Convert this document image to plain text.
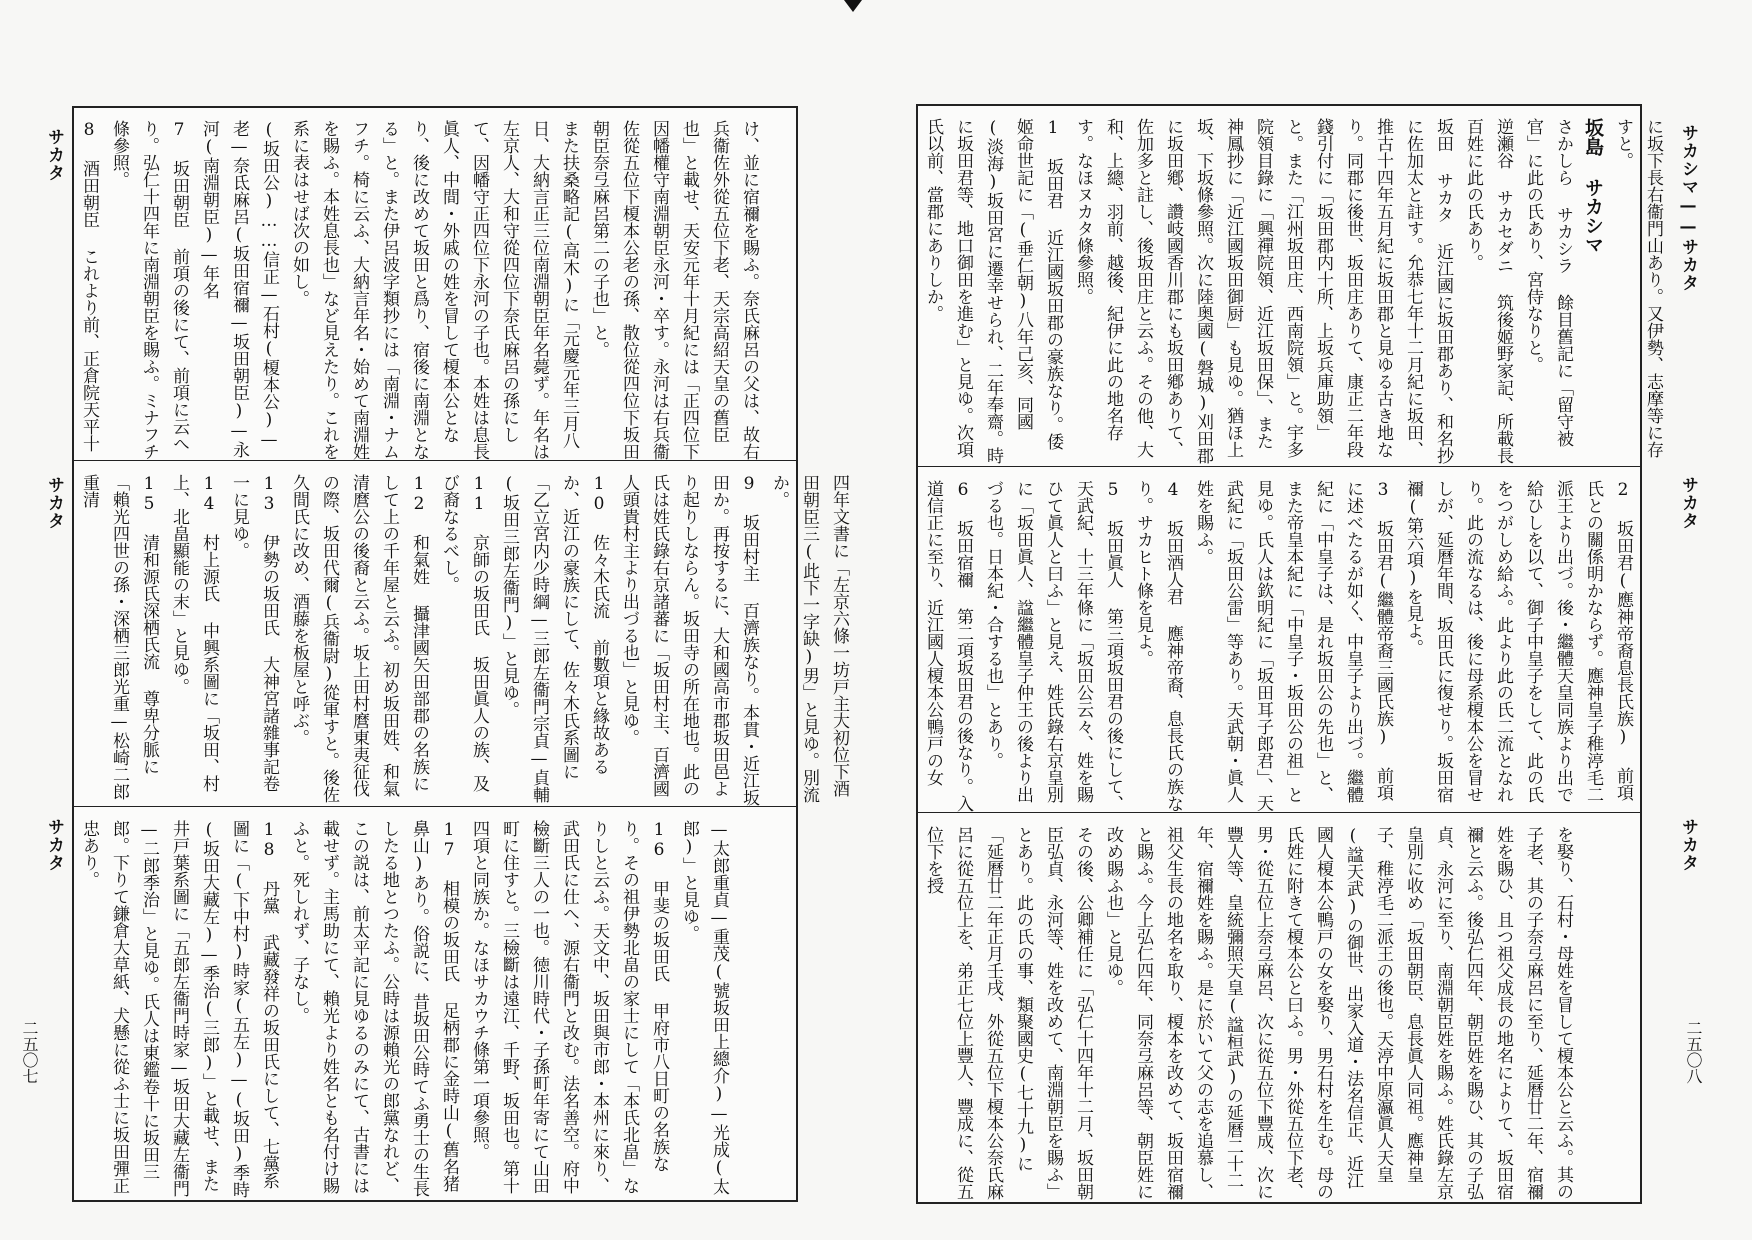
サカタ
サカタ
サカタ
け、並に宿禰を賜ふ。奈氏麻呂の父は、故右兵衞佐外從五位下老、天宗高紹天皇の舊臣也」と載せ、天安元年十月紀には「正四位下因幡權守南淵朝臣永河・卒す。永河は右兵衞佐從五位下榎本公老の孫、散位從四位下坂田朝臣奈弖麻呂第二の子也」と。
また扶桑略記(高木)に「元慶元年三月八日、大納言正三位南淵朝臣年名薨ず。年名は左京人、大和守從四位下奈氏麻呂の孫にして、因幡守正四位下永河の子也。本姓は息長眞人、中間・外戚の姓を冒して榎本公となり、後に改めて坂田と爲り、宿後に南淵となる」と。また伊呂波字類抄には「南淵・ナムフチ。椅に云ふ、大納言年名・始めて南淵姓を賜ふ。本姓息長也」など見えたり。これを系に表はせば次の如し。
(坂田公)……信正—石村(榎本公)—老—奈氐麻呂(坂田宿禰—坂田朝臣)—永河(南淵朝臣)—年名
7 坂田朝臣 前項の後にて、前項に云へり。弘仁十四年に南淵朝臣を賜ふ。ミナフチ條參照。
8 酒田朝臣 これより前、正倉院天平十
四年文書に「左京六條一坊戸主大初位下酒田朝臣三(此下一字缺)男」と見ゆ。別流か。
9 坂田村主 百濟族なり。本貫・近江坂田か。再按するに、大和國高市郡坂田邑より起りしならん。坂田寺の所在地也。此の氏は姓氏錄右京諸蕃に「坂田村主、百濟國人頭貴村主より出づる也」と見ゆ。
10 佐々木氏流 前數項と緣故あるか、近江の豪族にして、佐々木氏系圖に「乙立宮内少時綱—三郎左衞門宗貞—貞輔(坂田三郎左衞門)」と見ゆ。
11 京師の坂田氏 坂田眞人の族、及び裔なるべし。
12 和氣姓 攝津國矢田部郡の名族にして上の千年屋と云ふ。初め坂田姓、和氣清麿公の後裔と云ふ。坂上田村麿東夷征伐の際、坂田代爾(兵衞尉)從軍すと。後佐久間氏に改め、酒藤を板屋と呼ぶ。
13 伊勢の坂田氏 大神宮諸雜事記卷一に見ゆ。
14 村上源氏 中興系圖に「坂田、村上、北畠顯能の末」と見ゆ。
15 清和源氏深栖氏流 尊卑分脈に「賴光四世の孫・深栖三郎光重—松崎二郎重清
—太郎重貞—重茂(號坂田上總介)—光成(太郎)」と見ゆ。
16 甲斐の坂田氏 甲府市八日町の名族なり。その祖伊勢北畠の家士にして「本氏北畠」なりしと云ふ。天文中、坂田與市郎・本州に來り、武田氏に仕へ、源右衞門と改む。法名善空。府中檢斷三人の一也。徳川時代・子孫町年寄にて山田町に住すと。三檢斷は遠江、千野、坂田也。第十四項と同族か。なほサカウチ條第一項參照。
17 相模の坂田氏 足柄郡に金時山(舊名猪鼻山)あり。俗説に、昔坂田公時てふ勇士の生長したる地とつたふ。公時は源賴光の郎黨なれど、この説は、前太平記に見ゆるのみにて、古書には載せず。主馬助にて、賴光より姓名とも名付け賜ふと。死しれず、子なし。
18 丹黨 武藏發祥の坂田氏にして、七黨系圖に「(下中村)時家(五左)—(坂田)季時(坂田大藏左)—季治(三郎)」と載せ、また井戸葉系圖に「五郎左衞門時家—坂田大藏左衞門—二郎季治」と見ゆ。氏人は東鑑卷十に坂田三郎。下りて鎌倉大草紙、犬懸に從ふ士に坂田彈正忠あり。
二五〇七
に坂下長右衞門山あり。又伊勢、志摩等に存すと。
坂島 サカシマ
さかしら サカシラ 餘目舊記に「留守被官」に此の氏あり、宮侍なりと。
逆瀬谷 サカセダニ 筑後姬野家記、所載長百姓に此の氏あり。
坂田 サカタ 近江國に坂田郡あり、和名抄に佐加太と註す。允恭七年十二月紀に坂田、推古十四年五月紀に坂田郡と見ゆる古き地なり。同郡に後世、坂田庄ありて、康正二年段錢引付に「坂田郡内十所、上坂兵庫助領」と。また「江州坂田庄、西南院領」と。宇多院領目錄に「興禪院領、近江坂田保」、また神鳳抄に「近江國坂田御厨」も見ゆ。猶ほ上坂、下坂條參照。次に陸奥國(磐城)刈田郡に坂田鄕、讚岐國香川郡にも坂田鄕ありて、佐加多と註し、後坂田庄と云ふ。その他、大和、上總、羽前、越後、紀伊に此の地名存す。なほヌカタ條參照。
1 坂田君 近江國坂田郡の豪族なり。倭姬命世記に「(垂仁朝)八年己亥、同國(淡海)坂田宮に遷幸せられ、二年奉齋。時に坂田君等、地口御田を進む」と見ゆ。次項氏以前、當郡にありしか。
2 坂田君(應神帝裔息長氏族) 前項氏との關係明かならず。應神皇子稚渟毛二派王より出づ。後・繼體天皇同族より出で給ひしを以て、御子中皇子をして、此の氏をつがしめ給ふ。此より此の氏二流となれり。此の流なるは、後に母系榎本公を冒せしが、延曆年間、坂田氏に復せり。坂田宿禰(第六項)を見よ。
3 坂田君(繼體帝裔三國氏族) 前項に述べたるが如く、中皇子より出づ。繼體紀に「中皇子は、是れ坂田公の先也」と、また帝皇本紀に「中皇子・坂田公の祖」と見ゆ。氏人は欽明紀に「坂田耳子郎君」、天武紀に「坂田公雷」等あり。天武朝・眞人姓を賜ふ。
4 坂田酒人君 應神帝裔、息長氏の族なり。サカヒト條を見よ。
5 坂田眞人 第三項坂田君の後にして、天武紀、十三年條に「坂田公云々、姓を賜ひて眞人と曰ふ」と見え、姓氏錄右京皇別に「坂田眞人、諡繼體皇子仲王の後より出づる也。日本紀・合する也」とあり。
6 坂田宿禰 第二項坂田君の後なり。入道信正に至り、近江國人榎本公鴨戸の女
を娶り、石村・母姓を冒して榎本公と云ふ。其の子老、其の子奈弖麻呂に至り、延曆廿二年、宿禰姓を賜ひ、且つ祖父成長の地名によりて、坂田宿禰と云ふ。後弘仁四年、朝臣姓を賜ひ、其の子弘貞、永河に至り、南淵朝臣姓を賜ふ。姓氏錄左京皇別に收め「坂田朝臣、息長眞人同祖。應神皇子、稚渟毛二派王の後也。天渟中原瀛眞人天皇(諡天武)の御世、出家入道・法名信正、近江國人榎本公鴨戸の女を娶り、男石村を生む。母の氏姓に附きて榎本公と曰ふ。男・外從五位下老、男・從五位上奈弖麻呂、次に從五位下豐成、次に豐人等、皇統彌照天皇(諡桓武)の延曆二十二年、宿禰姓を賜ふ。是に於いて父の志を追慕し、祖父生長の地名を取り、榎本を改めて、坂田宿禰と賜ふ。今上弘仁四年、同奈弖麻呂等、朝臣姓に改め賜ふ也」と見ゆ。
その後、公卿補任に「弘仁十四年十二月、坂田朝臣弘貞、永河等、姓を改めて、南淵朝臣を賜ふ」とあり。此の氏の事、類聚國史(七十九)に「延曆廿二年正月壬戌、外從五位下榎本公奈氏麻呂に從五位上を、弟正七位上豐人、豐成に、從五位下を授
サカシマ——サカタ
サカタ
サカタ
二五〇八
